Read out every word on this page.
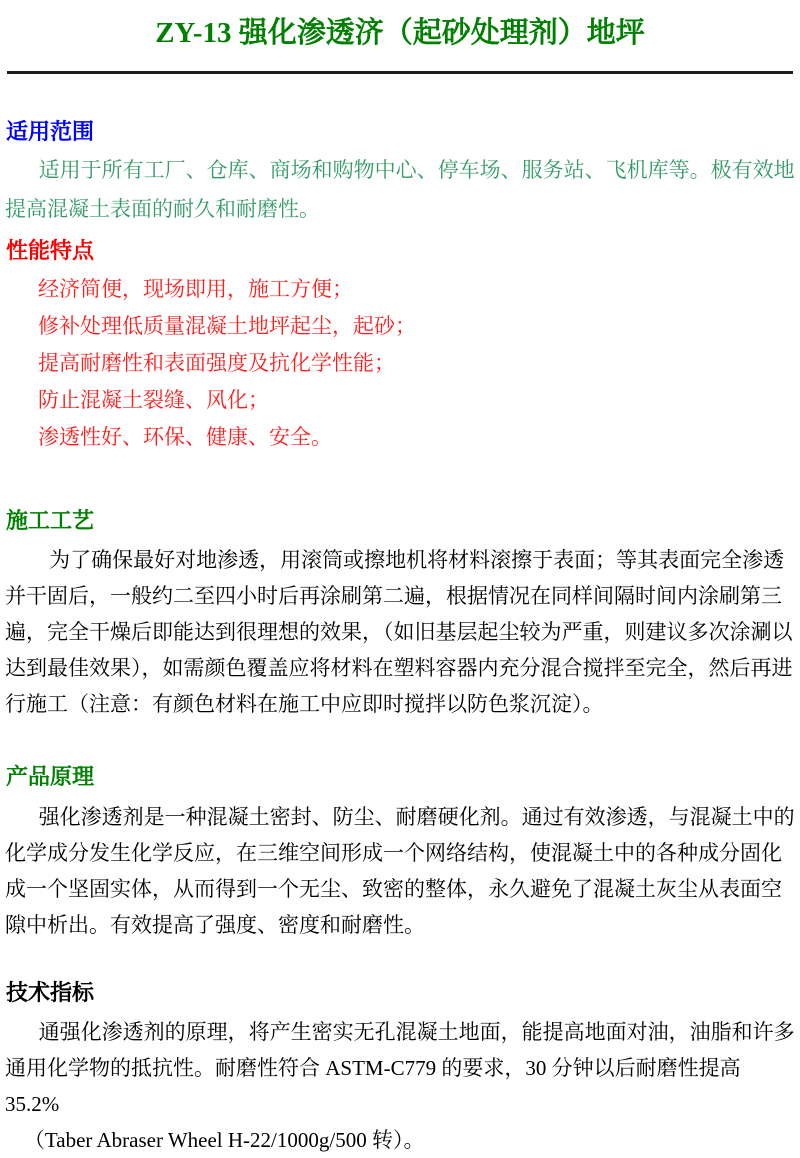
ZY-13 强化渗透济（起砂处理剂）地坪
适用范围

适用于所有工厂、仓库、商场和购物中心、停车场、服务站、飞机库等。极有效地提高混凝土表面的耐久和耐磨性。

性能特点

经济简便，现场即用，施工方便；

修补处理低质量混凝土地坪起尘，起砂；

提高耐磨性和表面强度及抗化学性能；

防止混凝土裂缝、风化；

渗透性好、环保、健康、安全。

施工工艺

为了确保最好对地渗透，用滚筒或擦地机将材料滚擦于表面；等其表面完全渗透并干固后，一般约二至四小时后再涂刷第二遍，根据情况在同样间隔时间内涂刷第三遍，完全干燥后即能达到很理想的效果，（如旧基层起尘较为严重，则建议多次涂涮以达到最佳效果），如需颜色覆盖应将材料在塑料容器内充分混合搅拌至完全，然后再进行施工（注意：有颜色材料在施工中应即时搅拌以防色浆沉淀）。

产品原理

强化渗透剂是一种混凝土密封、防尘、耐磨硬化剂。通过有效渗透，与混凝土中的化学成分发生化学反应，在三维空间形成一个网络结构，使混凝土中的各种成分固化成一个坚固实体，从而得到一个无尘、致密的整体，永久避免了混凝土灰尘从表面空隙中析出。有效提高了强度、密度和耐磨性。

技术指标

通强化渗透剂的原理，将产生密实无孔混凝土地面，能提高地面对油，油脂和许多通用化学物的抵抗性。耐磨性符合 ASTM-C779 的要求，30 分钟以后耐磨性提高 35.2%

（Taber Abraser Wheel H-22/1000g/500 转）。
